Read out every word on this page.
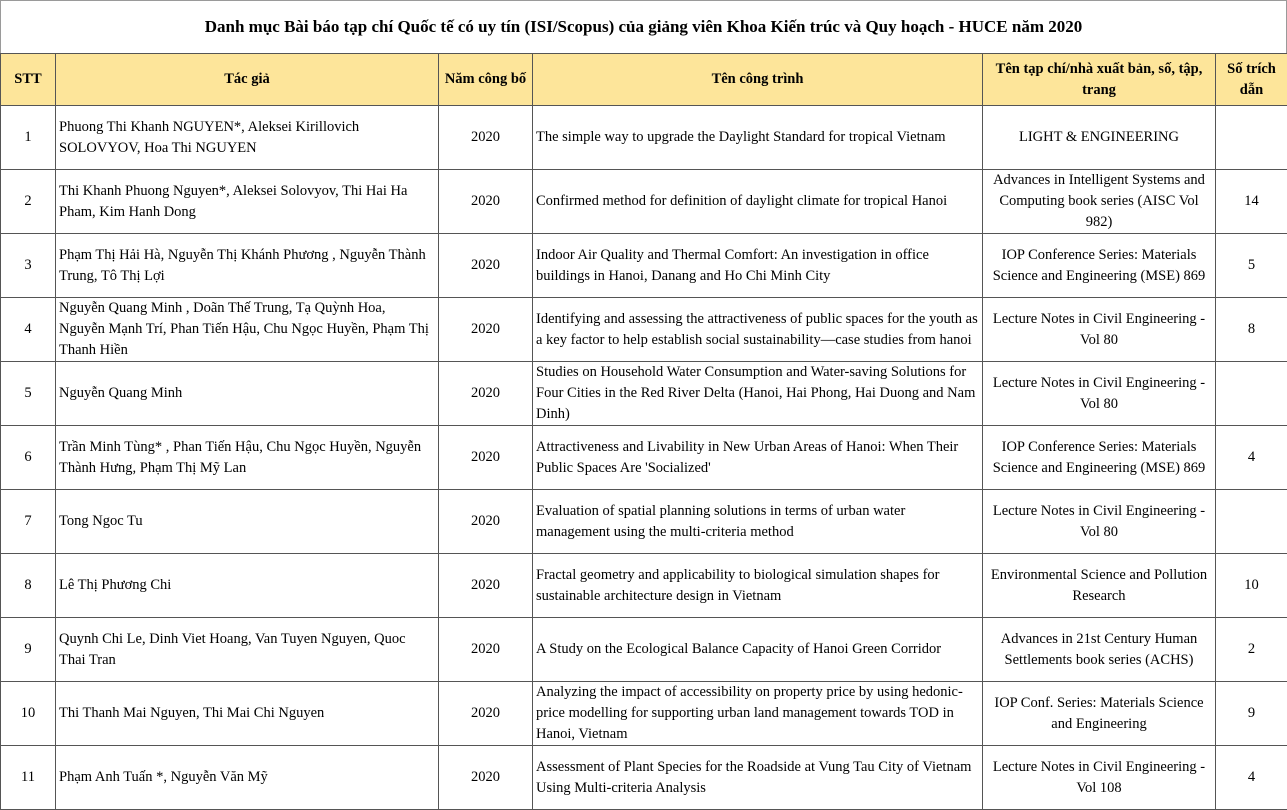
Danh mục Bài báo tạp chí Quốc tế có uy tín (ISI/Scopus) của giảng viên Khoa Kiến trúc và Quy hoạch - HUCE năm 2020
STT	Tác giả	Năm công bố	Tên công trình	Tên tạp chí/nhà xuất bản, số, tập, trang	Số trích dẫn
1	Phuong Thi Khanh NGUYEN*, Aleksei Kirillovich SOLOVYOV, Hoa Thi NGUYEN	2020	The simple way to upgrade the Daylight Standard for tropical Vietnam	LIGHT & ENGINEERING	
2	Thi Khanh Phuong Nguyen*, Aleksei Solovyov, Thi Hai Ha Pham, Kim Hanh Dong	2020	Confirmed method for definition of daylight climate for tropical Hanoi	Advances in Intelligent Systems and Computing book series (AISC Vol 982)	14
3	Phạm Thị Hải Hà, Nguyễn Thị Khánh Phương , Nguyễn Thành Trung, Tô Thị Lợi	2020	Indoor Air Quality and Thermal Comfort: An investigation in office buildings in Hanoi, Danang and Ho Chi Minh City	IOP Conference Series: Materials Science and Engineering (MSE) 869	5
4	Nguyễn Quang Minh , Doãn Thế Trung, Tạ Quỳnh Hoa, Nguyễn Mạnh Trí, Phan Tiến Hậu, Chu Ngọc Huyền, Phạm Thị Thanh Hiền	2020	Identifying and assessing the attractiveness of public spaces for the youth as a key factor to help establish social sustainability—case studies from hanoi	Lecture Notes in Civil Engineering - Vol 80	8
5	Nguyễn Quang Minh	2020	Studies on Household Water Consumption and Water-saving Solutions for Four Cities in the Red River Delta (Hanoi, Hai Phong, Hai Duong and Nam Dinh)	Lecture Notes in Civil Engineering - Vol 80	
6	Trần Minh Tùng* , Phan Tiến Hậu, Chu Ngọc Huyền, Nguyễn Thành Hưng, Phạm Thị Mỹ Lan	2020	Attractiveness and Livability in New Urban Areas of Hanoi: When Their Public Spaces Are 'Socialized'	IOP Conference Series: Materials Science and Engineering (MSE) 869	4
7	Tong Ngoc Tu	2020	Evaluation of spatial planning solutions in terms of urban water management using the multi-criteria method	Lecture Notes in Civil Engineering - Vol 80	
8	Lê Thị Phương Chi	2020	Fractal geometry and applicability to biological simulation shapes for sustainable architecture design in Vietnam	Environmental Science and Pollution Research	10
9	Quynh Chi Le, Dinh Viet Hoang, Van Tuyen Nguyen, Quoc Thai Tran	2020	A Study on the Ecological Balance Capacity of Hanoi Green Corridor	Advances in 21st Century Human Settlements book series (ACHS)	2
10	Thi Thanh Mai Nguyen, Thi Mai Chi Nguyen	2020	Analyzing the impact of accessibility on property price by using hedonic-price modelling for supporting urban land management towards TOD in Hanoi, Vietnam	IOP Conf. Series: Materials Science and Engineering	9
11	Phạm Anh Tuấn *, Nguyễn Văn Mỹ	2020	Assessment of Plant Species for the Roadside at Vung Tau City of Vietnam Using Multi-criteria Analysis	Lecture Notes in Civil Engineering - Vol 108	4
